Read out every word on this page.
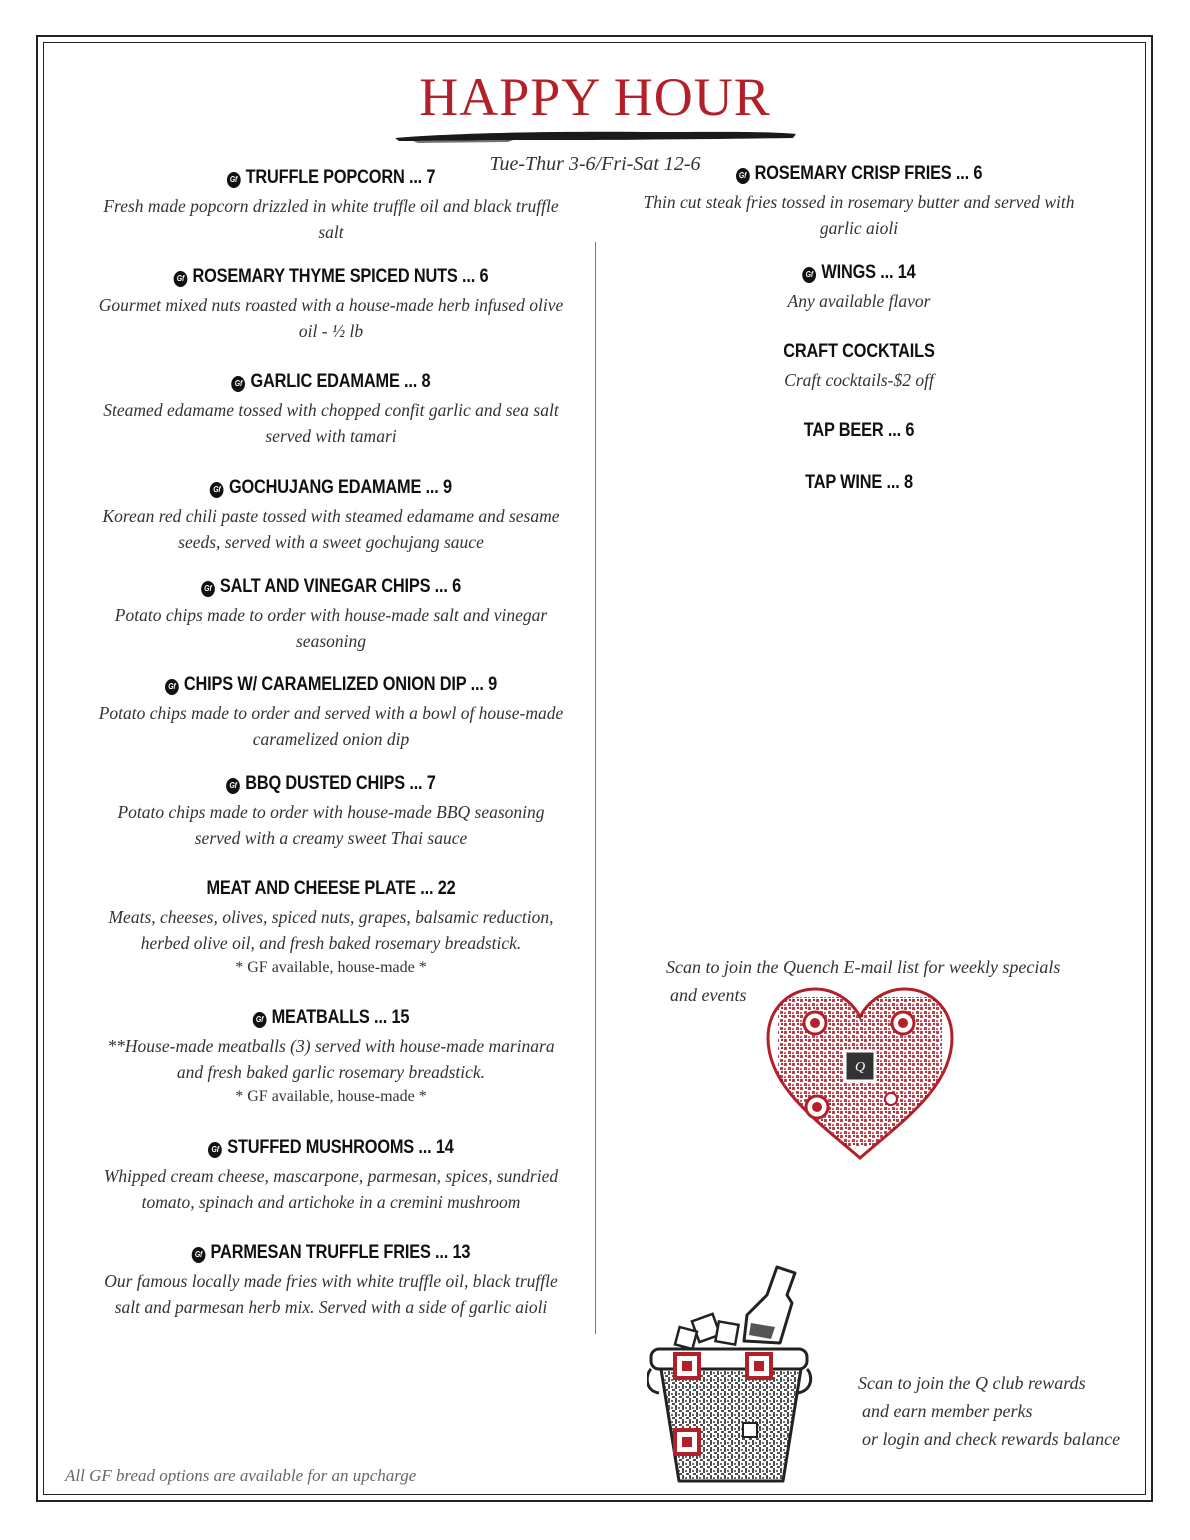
HAPPY HOUR
Tue-Thur 3-6/Fri-Sat 12-6
Gf TRUFFLE POPCORN ... 7
Fresh made popcorn drizzled in white truffle oil and black truffle salt
Gf ROSEMARY THYME SPICED NUTS ... 6
Gourmet mixed nuts roasted with a house-made herb infused olive oil - ½ lb
Gf GARLIC EDAMAME ... 8
Steamed edamame tossed with chopped confit garlic and sea salt served with tamari
Gf GOCHUJANG EDAMAME ... 9
Korean red chili paste tossed with steamed edamame and sesame seeds, served with a sweet gochujang sauce
Gf SALT AND VINEGAR CHIPS ... 6
Potato chips made to order with house-made salt and vinegar seasoning
Gf CHIPS W/ CARAMELIZED ONION DIP ... 9
Potato chips made to order and served with a bowl of house-made caramelized onion dip
Gf BBQ DUSTED CHIPS ... 7
Potato chips made to order with house-made BBQ seasoning served with a creamy sweet Thai sauce
MEAT AND CHEESE PLATE ... 22
Meats, cheeses, olives, spiced nuts, grapes, balsamic reduction, herbed olive oil, and fresh baked rosemary breadstick.
* GF available, house-made *
Gf MEATBALLS ... 15
**House-made meatballs (3) served with house-made marinara and fresh baked garlic rosemary breadstick.
* GF available, house-made *
Gf STUFFED MUSHROOMS ... 14
Whipped cream cheese, mascarpone, parmesan, spices, sundried tomato, spinach and artichoke in a cremini mushroom
Gf PARMESAN TRUFFLE FRIES ... 13
Our famous locally made fries with white truffle oil, black truffle salt and parmesan herb mix. Served with a side of garlic aioli
Gf ROSEMARY CRISP FRIES ... 6
Thin cut steak fries tossed in rosemary butter and served with garlic aioli
Gf WINGS ... 14
Any available flavor
CRAFT COCKTAILS
Craft cocktails-$2 off
TAP BEER ... 6
TAP WINE ... 8
Scan to join the Quench E-mail list for weekly specials
and events
Q
Scan to join the Q club rewards
and earn member perks
or login and check rewards balance
All GF bread options are available for an upcharge
